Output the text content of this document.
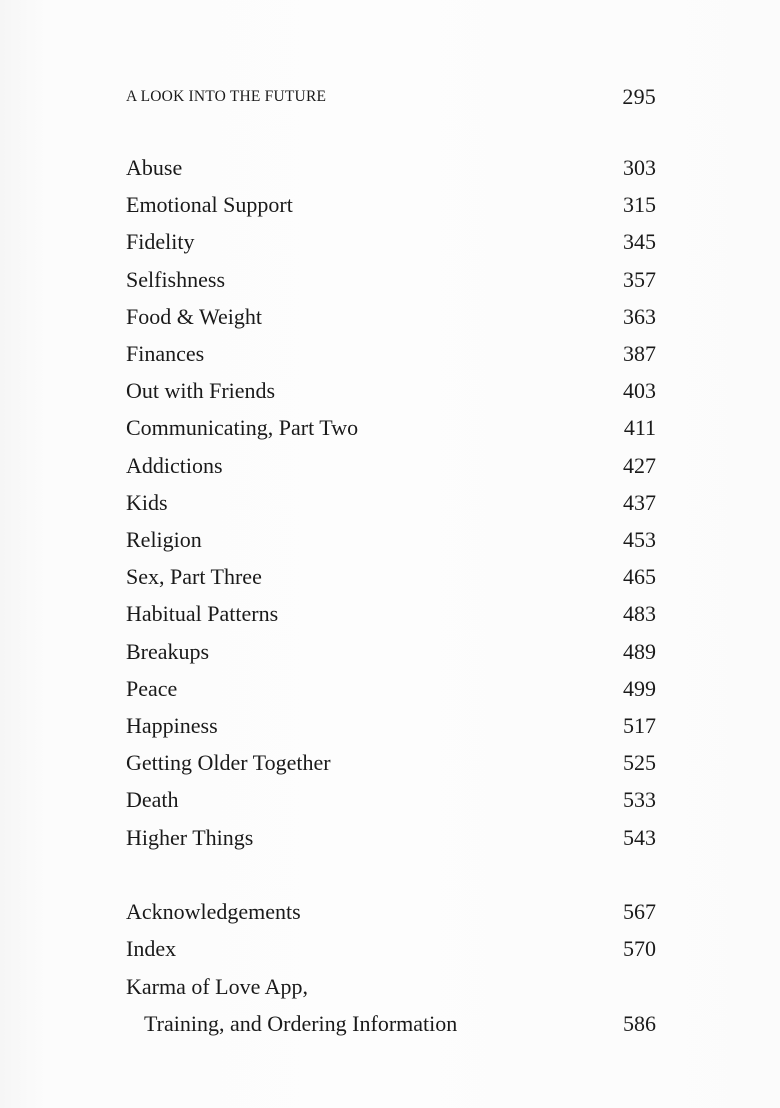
A LOOK INTO THE FUTURE	295
Abuse	303
Emotional Support	315
Fidelity	345
Selfishness	357
Food & Weight	363
Finances	387
Out with Friends	403
Communicating, Part Two	411
Addictions	427
Kids	437
Religion	453
Sex, Part Three	465
Habitual Patterns	483
Breakups	489
Peace	499
Happiness	517
Getting Older Together	525
Death	533
Higher Things	543
Acknowledgements	567
Index	570
Karma of Love App,
Training, and Ordering Information	586
